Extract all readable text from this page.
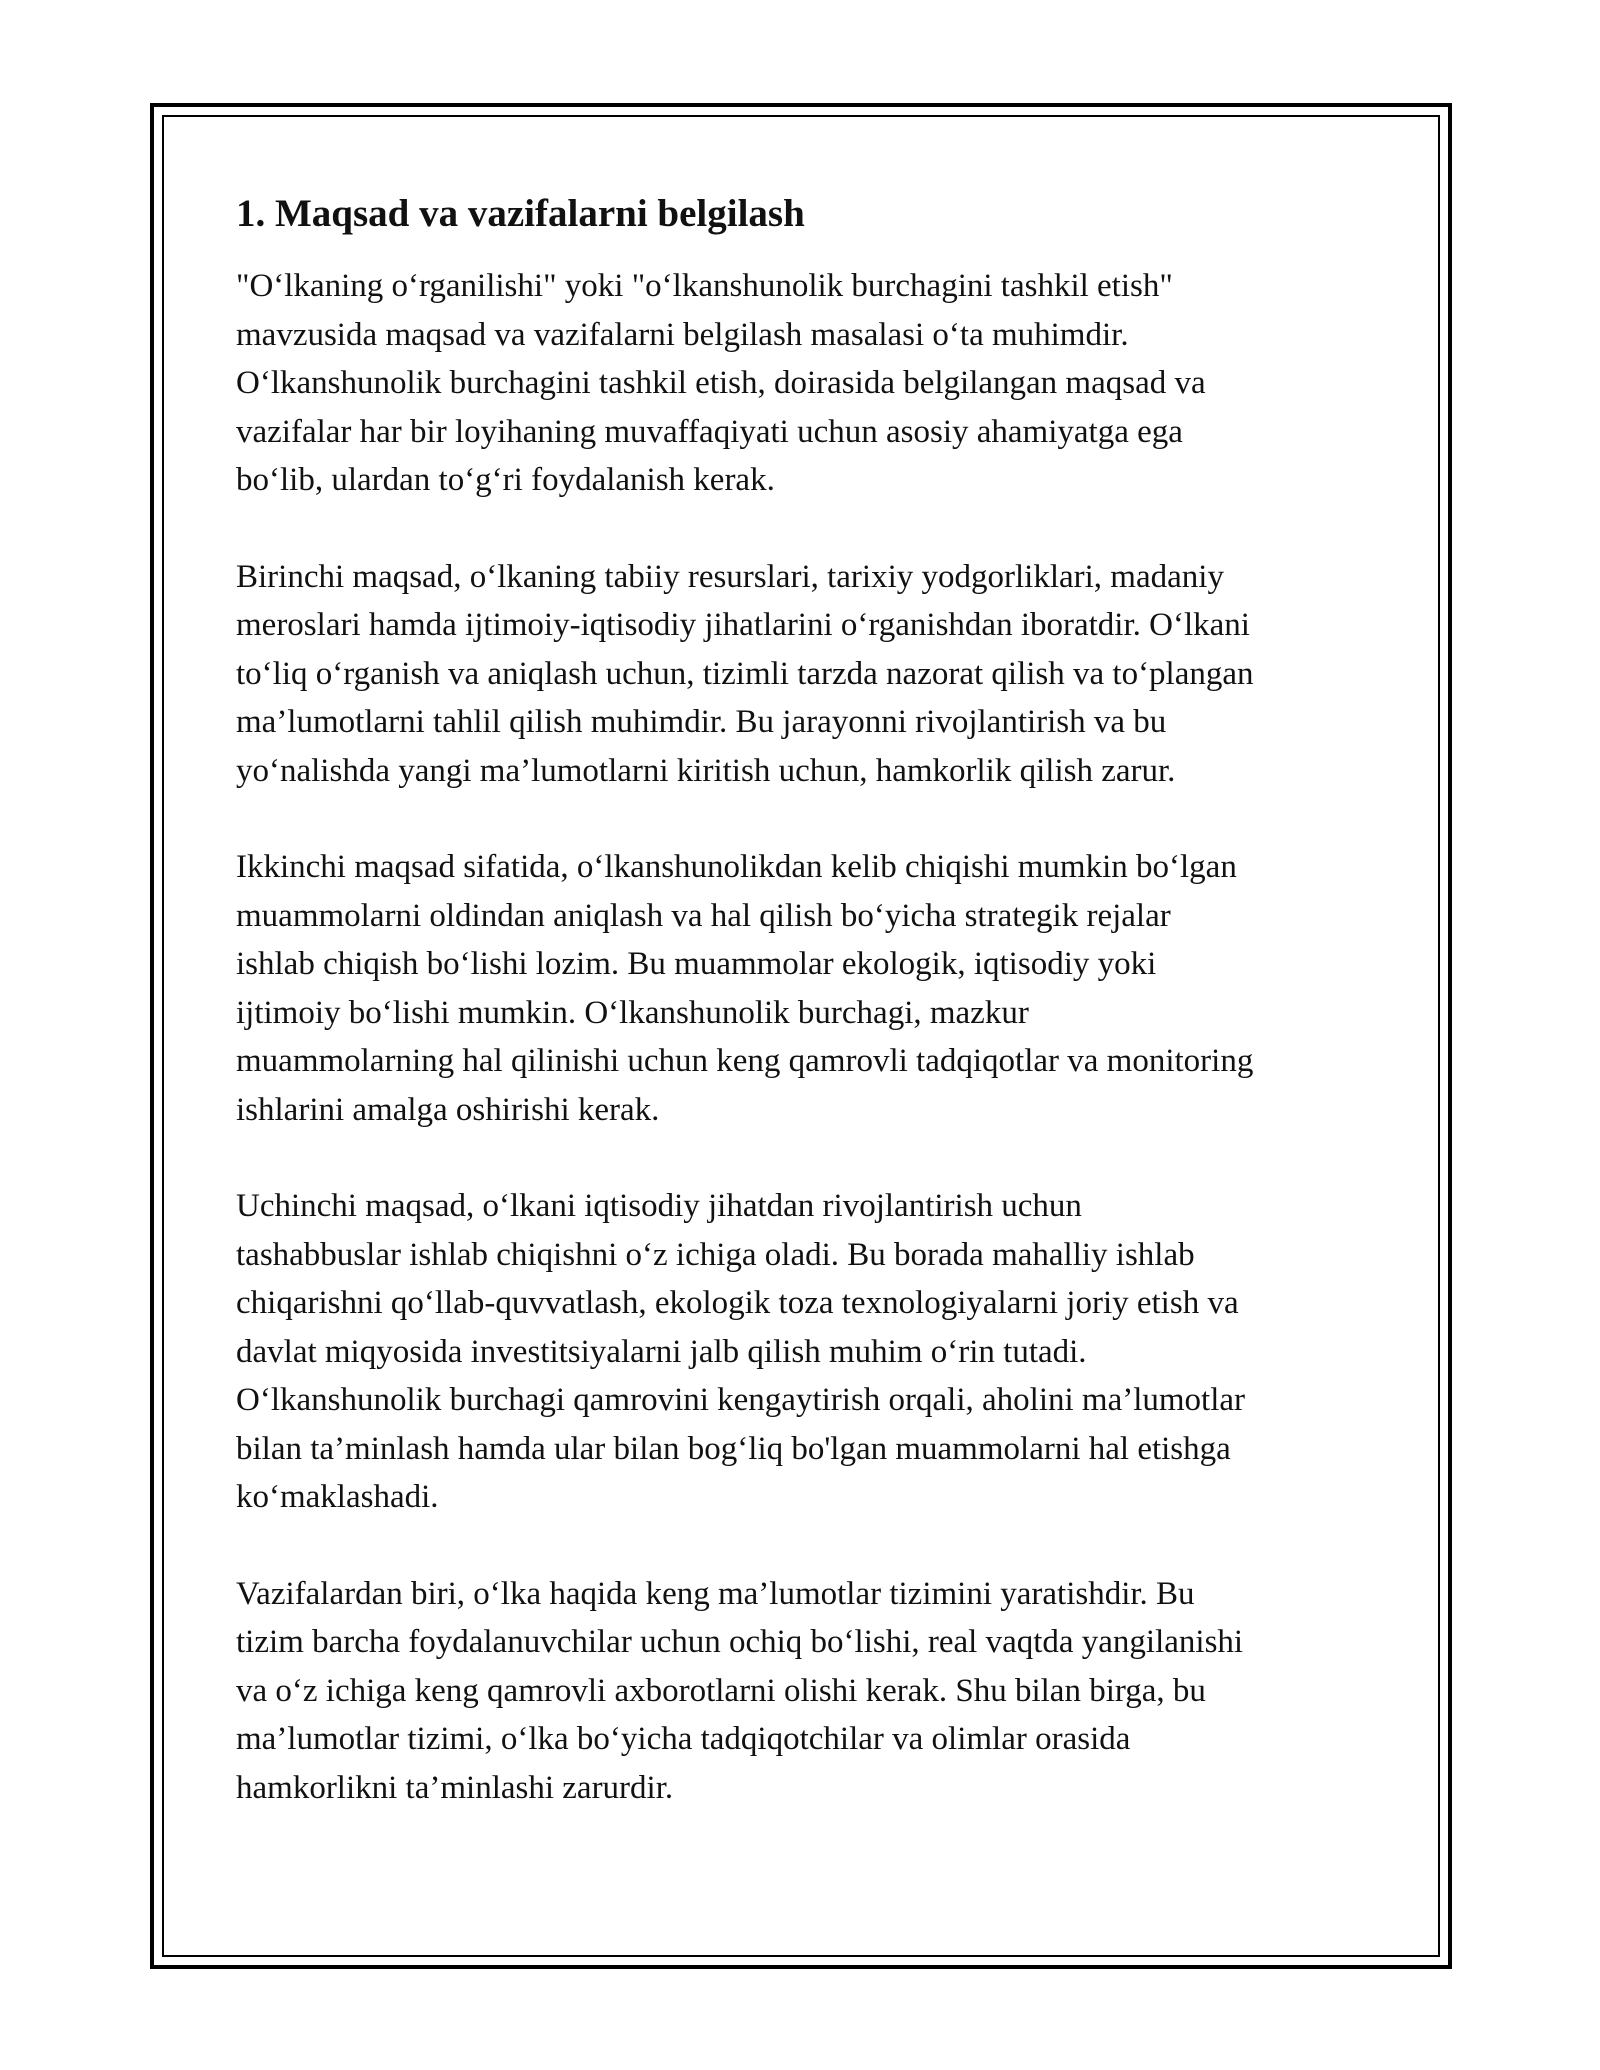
1. Maqsad va vazifalarni belgilash

"O‘lkaning o‘rganilishi" yoki "o‘lkanshunolik burchagini tashkil etish"
mavzusida maqsad va vazifalarni belgilash masalasi o‘ta muhimdir.
O‘lkanshunolik burchagini tashkil etish, doirasida belgilangan maqsad va
vazifalar har bir loyihaning muvaffaqiyati uchun asosiy ahamiyatga ega
bo‘lib, ulardan to‘g‘ri foydalanish kerak.

Birinchi maqsad, o‘lkaning tabiiy resurslari, tarixiy yodgorliklari, madaniy
meroslari hamda ijtimoiy-iqtisodiy jihatlarini o‘rganishdan iboratdir. O‘lkani
to‘liq o‘rganish va aniqlash uchun, tizimli tarzda nazorat qilish va to‘plangan
ma’lumotlarni tahlil qilish muhimdir. Bu jarayonni rivojlantirish va bu
yo‘nalishda yangi ma’lumotlarni kiritish uchun, hamkorlik qilish zarur.

Ikkinchi maqsad sifatida, o‘lkanshunolikdan kelib chiqishi mumkin bo‘lgan
muammolarni oldindan aniqlash va hal qilish bo‘yicha strategik rejalar
ishlab chiqish bo‘lishi lozim. Bu muammolar ekologik, iqtisodiy yoki
ijtimoiy bo‘lishi mumkin. O‘lkanshunolik burchagi, mazkur
muammolarning hal qilinishi uchun keng qamrovli tadqiqotlar va monitoring
ishlarini amalga oshirishi kerak.

Uchinchi maqsad, o‘lkani iqtisodiy jihatdan rivojlantirish uchun
tashabbuslar ishlab chiqishni o‘z ichiga oladi. Bu borada mahalliy ishlab
chiqarishni qo‘llab-quvvatlash, ekologik toza texnologiyalarni joriy etish va
davlat miqyosida investitsiyalarni jalb qilish muhim o‘rin tutadi.
O‘lkanshunolik burchagi qamrovini kengaytirish orqali, aholini ma’lumotlar
bilan ta’minlash hamda ular bilan bog‘liq bo'lgan muammolarni hal etishga
ko‘maklashadi.

Vazifalardan biri, o‘lka haqida keng ma’lumotlar tizimini yaratishdir. Bu
tizim barcha foydalanuvchilar uchun ochiq bo‘lishi, real vaqtda yangilanishi
va o‘z ichiga keng qamrovli axborotlarni olishi kerak. Shu bilan birga, bu
ma’lumotlar tizimi, o‘lka bo‘yicha tadqiqotchilar va olimlar orasida
hamkorlikni ta’minlashi zarurdir.
